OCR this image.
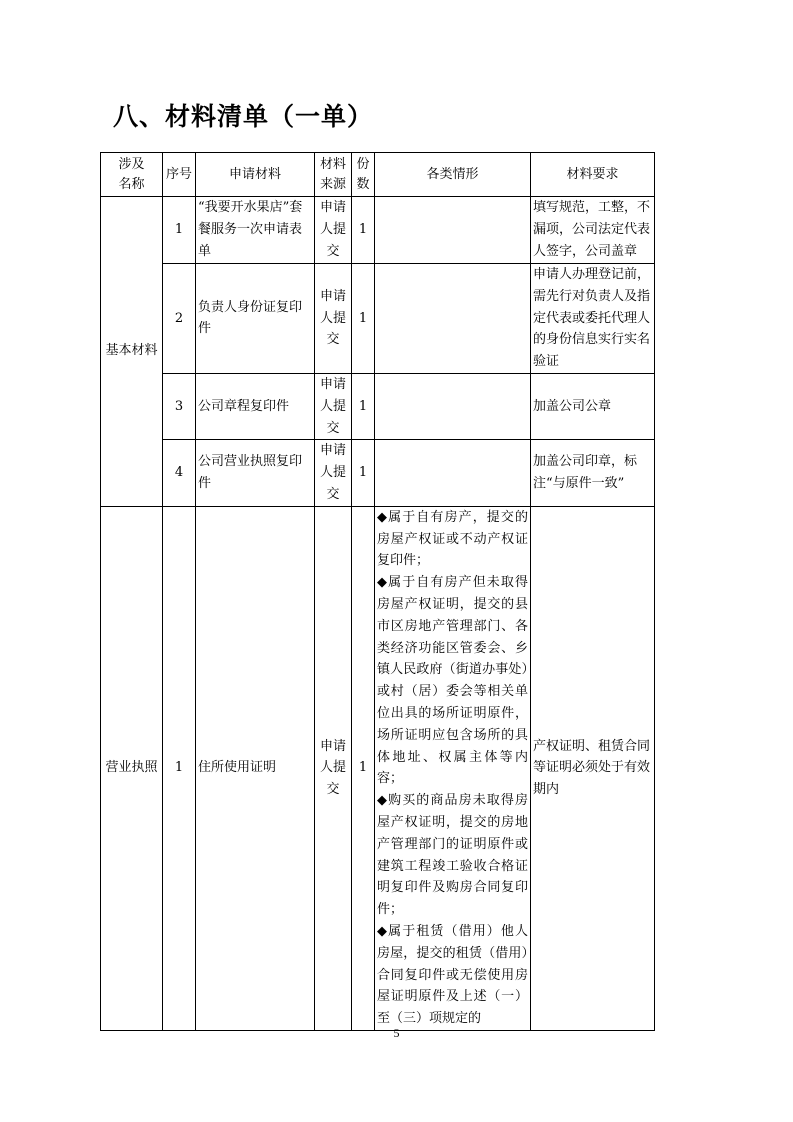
八、材料清单（一单）
涉及名称	序号	申请材料	材料来源	份数	各类情形	材料要求
基本材料	1	“我要开水果店”套餐服务一次申请表单	申请人提交	1		填写规范，工整，不漏项，公司法定代表人签字，公司盖章
	2	负责人身份证复印件	申请人提交	1		申请人办理登记前，需先行对负责人及指定代表或委托代理人的身份信息实行实名验证
	3	公司章程复印件	申请人提交	1		加盖公司公章
	4	公司营业执照复印件	申请人提交	1		加盖公司印章，标注“与原件一致”
营业执照	1	住所使用证明	申请人提交	1	◆属于自有房产，提交的房屋产权证或不动产权证复印件；
◆属于自有房产但未取得房屋产权证明，提交的县市区房地产管理部门、各类经济功能区管委会、乡镇人民政府（街道办事处）或村（居）委会等相关单位出具的场所证明原件，场所证明应包含场所的具体地址、权属主体等内容；
◆购买的商品房未取得房屋产权证明，提交的房地产管理部门的证明原件或建筑工程竣工验收合格证明复印件及购房合同复印件；
◆属于租赁（借用）他人房屋，提交的租赁（借用）合同复印件或无偿使用房屋证明原件及上述（一）至（三）项规定的	产权证明、租赁合同等证明必须处于有效期内
5
